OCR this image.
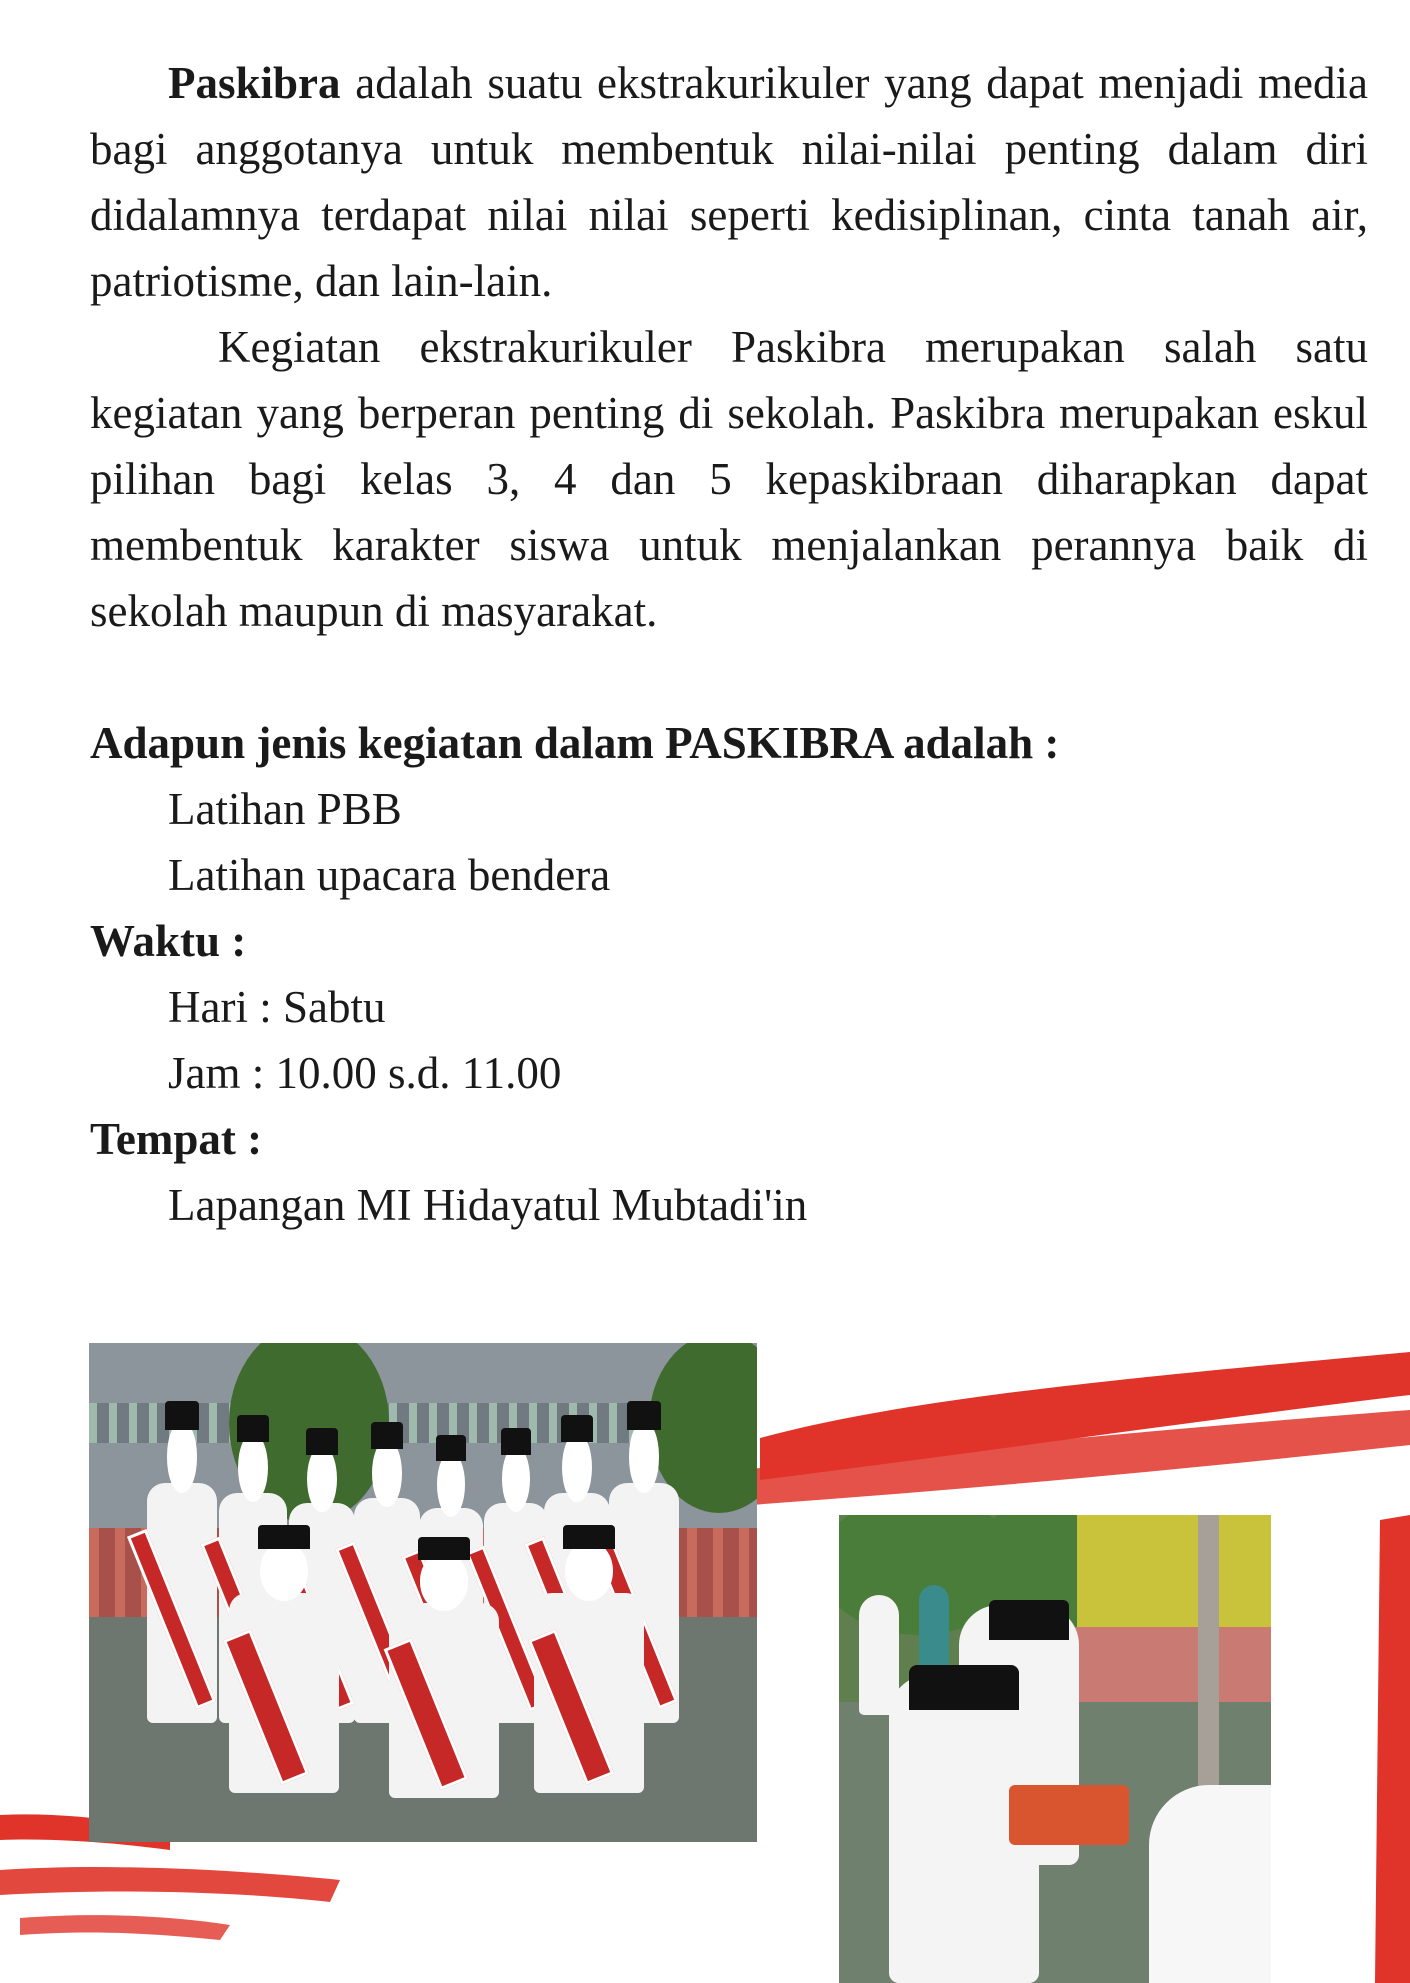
Paskibra adalah suatu ekstrakurikuler yang dapat menjadi media bagi anggotanya untuk membentuk nilai-nilai penting dalam diri didalamnya terdapat nilai nilai seperti kedisiplinan, cinta tanah air, patriotisme, dan lain-lain.

Kegiatan ekstrakurikuler Paskibra merupakan salah satu kegiatan yang berperan penting di sekolah. Paskibra merupakan eskul pilihan bagi kelas 3, 4 dan 5 kepaskibraan diharapkan dapat membentuk karakter siswa untuk menjalankan perannya baik di sekolah maupun di masyarakat.

Adapun jenis kegiatan dalam PASKIBRA adalah :

Latihan PBB

Latihan upacara bendera

Waktu :

Hari : Sabtu

Jam : 10.00 s.d. 11.00

Tempat :

Lapangan MI Hidayatul Mubtadi'in
